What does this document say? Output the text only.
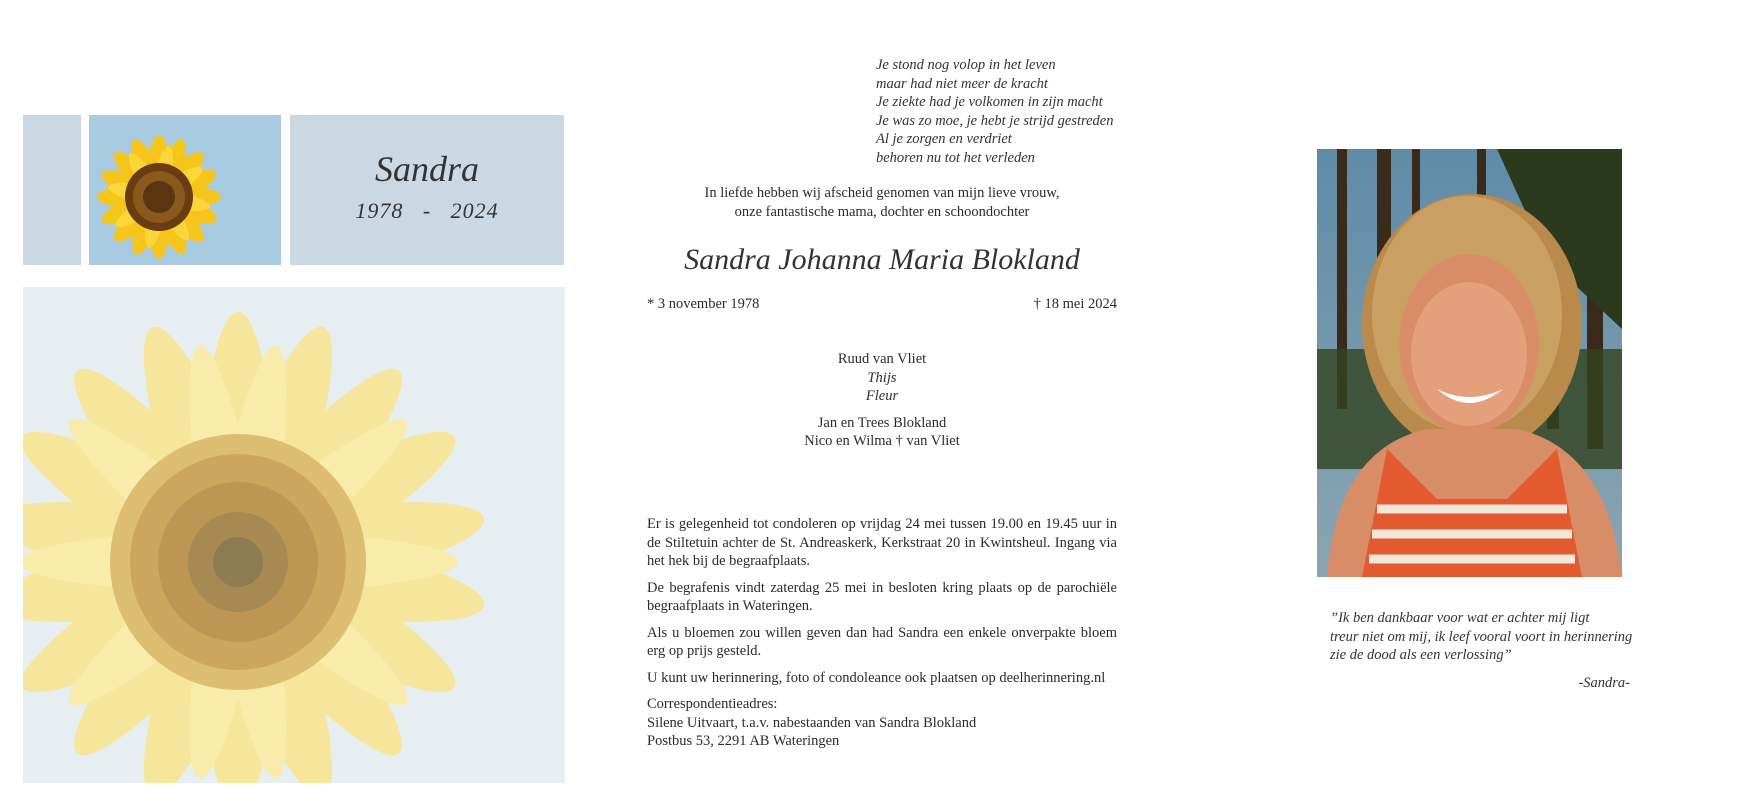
Sandra
1978   -   2024
Je stond nog volop in het leven
maar had niet meer de kracht
Je ziekte had je volkomen in zijn macht
Je was zo moe, je hebt je strijd gestreden
Al je zorgen en verdriet
behoren nu tot het verleden
In liefde hebben wij afscheid genomen van mijn lieve vrouw,
onze fantastische mama, dochter en schoondochter
Sandra Johanna Maria Blokland
* 3 november 1978	† 18 mei 2024
Ruud van Vliet
Thijs
Fleur
Jan en Trees Blokland
Nico en Wilma † van Vliet

Er is gelegenheid tot condoleren op vrijdag 24 mei tussen 19.00 en 19.45 uur in de Stiltetuin achter de St. Andreaskerk, Kerkstraat 20 in Kwintsheul. Ingang via het hek bij de begraafplaats.

De begrafenis vindt zaterdag 25 mei in besloten kring plaats op de parochiële begraafplaats in Wateringen.

Als u bloemen zou willen geven dan had Sandra een enkele onverpakte bloem erg op prijs gesteld.

U kunt uw herinnering, foto of condoleance ook plaatsen op deelherinnering.nl

Correspondentieadres:
Silene Uitvaart, t.a.v. nabestaanden van Sandra Blokland
Postbus 53, 2291 AB Wateringen
”Ik ben dankbaar voor wat er achter mij ligt
treur niet om mij, ik leef vooral voort in herinnering
zie de dood als een verlossing”
-Sandra-
